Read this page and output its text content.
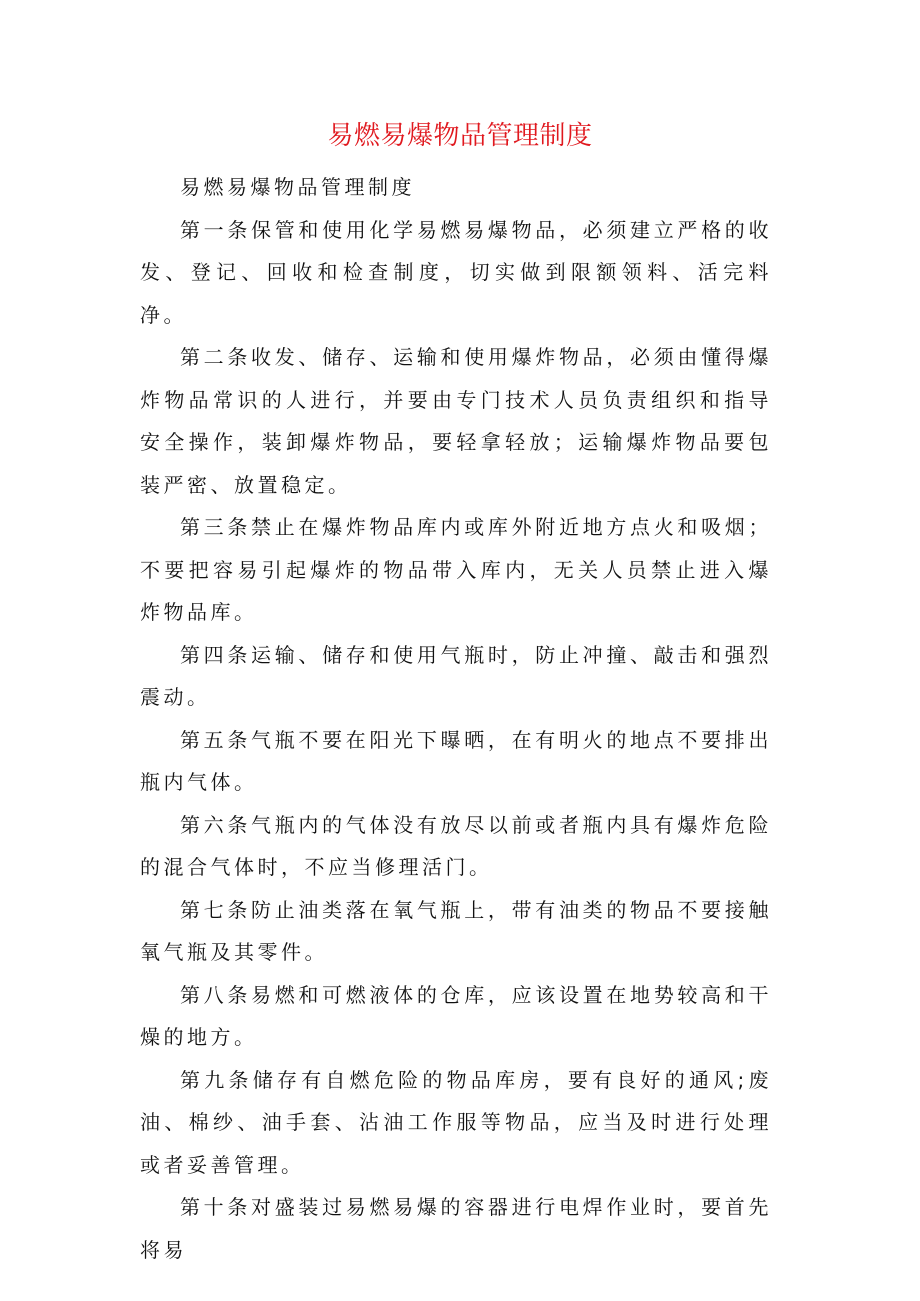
易燃易爆物品管理制度

易燃易爆物品管理制度

第一条保管和使用化学易燃易爆物品，必须建立严格的收发、登记、回收和检查制度，切实做到限额领料、活完料净。

第二条收发、储存、运输和使用爆炸物品，必须由懂得爆炸物品常识的人进行，并要由专门技术人员负责组织和指导安全操作，装卸爆炸物品，要轻拿轻放；运输爆炸物品要包装严密、放置稳定。

第三条禁止在爆炸物品库内或库外附近地方点火和吸烟；不要把容易引起爆炸的物品带入库内，无关人员禁止进入爆炸物品库。

第四条运输、储存和使用气瓶时，防止冲撞、敲击和强烈震动。

第五条气瓶不要在阳光下曝晒，在有明火的地点不要排出瓶内气体。

第六条气瓶内的气体没有放尽以前或者瓶内具有爆炸危险的混合气体时，不应当修理活门。

第七条防止油类落在氧气瓶上，带有油类的物品不要接触氧气瓶及其零件。

第八条易燃和可燃液体的仓库，应该设置在地势较高和干燥的地方。

第九条储存有自燃危险的物品库房，要有良好的通风;废油、棉纱、油手套、沾油工作服等物品，应当及时进行处理或者妥善管理。

第十条对盛装过易燃易爆的容器进行电焊作业时，要首先将易
